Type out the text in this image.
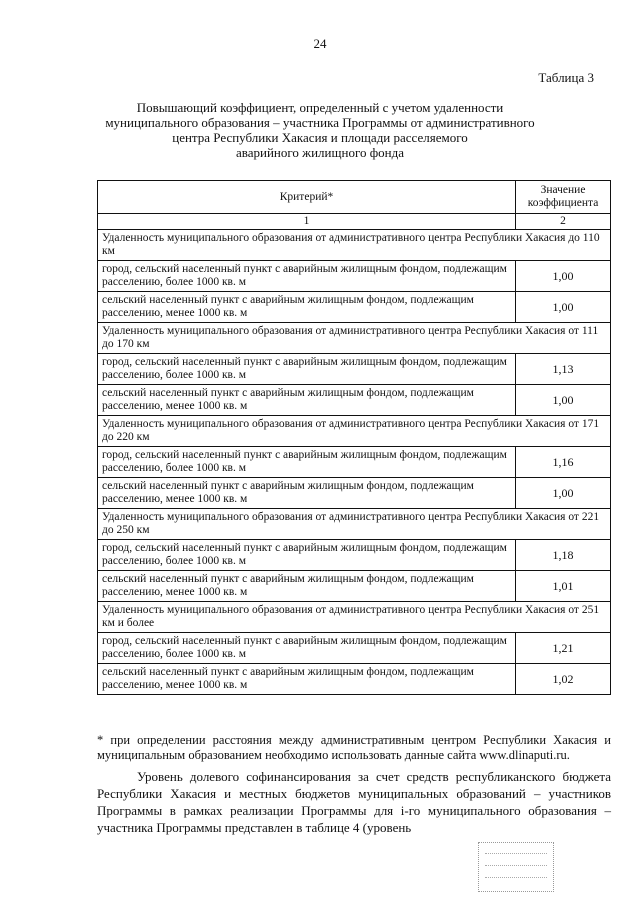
24
Таблица 3
Повышающий коэффициент, определенный с учетом удаленности
муниципального образования – участника Программы от административного
центра Республики Хакасия и площади расселяемого
аварийного жилищного фонда
Критерий*	Значение коэффициента
1	2
Удаленность муниципального образования от административного центра Республики Хакасия до 110 км	
город, сельский населенный пункт с аварийным жилищным фондом, подлежащим расселению, более 1000 кв. м	1,00
сельский населенный пункт с аварийным жилищным фондом, подлежащим расселению, менее 1000 кв. м	1,00
Удаленность муниципального образования от административного центра Республики Хакасия от 111 до 170 км	
город, сельский населенный пункт с аварийным жилищным фондом, подлежащим расселению, более 1000 кв. м	1,13
сельский населенный пункт с аварийным жилищным фондом, подлежащим расселению, менее 1000 кв. м	1,00
Удаленность муниципального образования от административного центра Республики Хакасия от 171 до 220 км	
город, сельский населенный пункт с аварийным жилищным фондом, подлежащим расселению, более 1000 кв. м	1,16
сельский населенный пункт с аварийным жилищным фондом, подлежащим расселению, менее 1000 кв. м	1,00
Удаленность муниципального образования от административного центра Республики Хакасия от 221 до 250 км	
город, сельский населенный пункт с аварийным жилищным фондом, подлежащим расселению, более 1000 кв. м	1,18
сельский населенный пункт с аварийным жилищным фондом, подлежащим расселению, менее 1000 кв. м	1,01
Удаленность муниципального образования от административного центра Республики Хакасия от 251 км и более	
город, сельский населенный пункт с аварийным жилищным фондом, подлежащим расселению, более 1000 кв. м	1,21
сельский населенный пункт с аварийным жилищным фондом, подлежащим расселению, менее 1000 кв. м	1,02
* при определении расстояния между административным центром Республики Хакасия и муниципальным образованием необходимо использовать данные сайта www.dlinaputi.ru.
Уровень долевого софинансирования за счет средств республиканского бюджета Республики Хакасия и местных бюджетов муниципальных образований – участников Программы в рамках реализации Программы для i-го муниципального образования – участника Программы представлен в таблице 4 (уровень
